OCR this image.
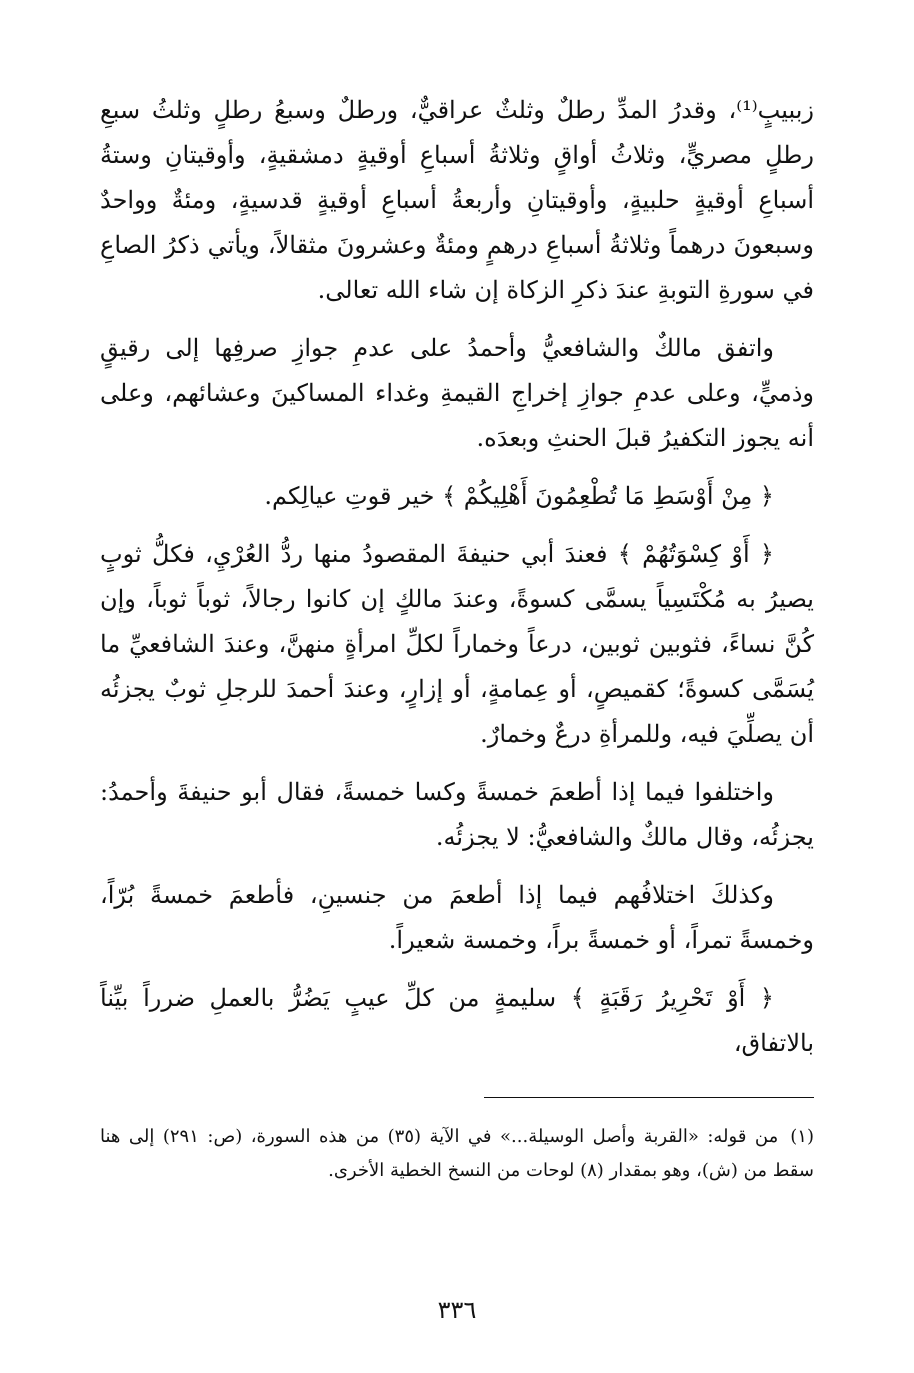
زببيبٍ⁽¹⁾، وقدرُ المدِّ رطلٌ وثلثٌ عراقيٌّ، ورطلٌ وسبعُ رطلٍ وثلثُ سبعِ رطلٍ مصريٍّ، وثلاثُ أواقٍ وثلاثةُ أسباعِ أوقيةٍ دمشقيةٍ، وأوقيتانِ وستةُ أسباعِ أوقيةٍ حلبيةٍ، وأوقيتانِ وأربعةُ أسباعِ أوقيةٍ قدسيةٍ، ومئةٌ وواحدٌ وسبعونَ درهماً وثلاثةُ أسباعِ درهمٍ ومئةٌ وعشرونَ مثقالاً، ويأتي ذكرُ الصاعِ في سورةِ التوبةِ عندَ ذكرِ الزكاة إن شاء الله تعالى.

واتفق مالكٌ والشافعيُّ وأحمدُ على عدمِ جوازِ صرفِها إلى رقيقٍ وذميٍّ، وعلى عدمِ جوازِ إخراجِ القيمةِ وغداء المساكينَ وعشائهم، وعلى أنه يجوز التكفيرُ قبلَ الحنثِ وبعدَه.

﴿ مِنْ أَوْسَطِ مَا تُطْعِمُونَ أَهْلِيكُمْ ﴾ خير قوتِ عيالِكم.

﴿ أَوْ كِسْوَتُهُمْ ﴾ فعندَ أبي حنيفةَ المقصودُ منها ردُّ العُرْيِ، فكلُّ ثوبٍ يصيرُ به مُكْتَسِياً يسمَّى كسوةً، وعندَ مالكٍ إن كانوا رجالاً، ثوباً ثوباً، وإن كُنَّ نساءً، فثوبين ثوبين، درعاً وخماراً لكلِّ امرأةٍ منهنَّ، وعندَ الشافعيِّ ما يُسَمَّى كسوةً؛ كقميصٍ، أو عِمامةٍ، أو إزارٍ، وعندَ أحمدَ للرجلِ ثوبٌ يجزئُه أن يصلِّيَ فيه، وللمرأةِ درعٌ وخمارٌ.

واختلفوا فيما إذا أطعمَ خمسةً وكسا خمسةً، فقال أبو حنيفةَ وأحمدُ: يجزئُه، وقال مالكٌ والشافعيُّ: لا يجزئُه.

وكذلكَ اختلافُهم فيما إذا أطعمَ من جنسينِ، فأطعمَ خمسةً بُرّاً، وخمسةً تمراً، أو خمسةً براً، وخمسة شعيراً.

﴿ أَوْ تَحْرِيرُ رَقَبَةٍ ﴾ سليمةٍ من كلِّ عيبٍ يَضُرُّ بالعملِ ضرراً بيِّناً بالاتفاق،

(١)من قوله: «القربة وأصل الوسيلة...» في الآية (٣٥) من هذه السورة، (ص: ٢٩١) إلى هنا سقط من (ش)، وهو بمقدار (٨) لوحات من النسخ الخطية الأخرى.

٣٣٦
